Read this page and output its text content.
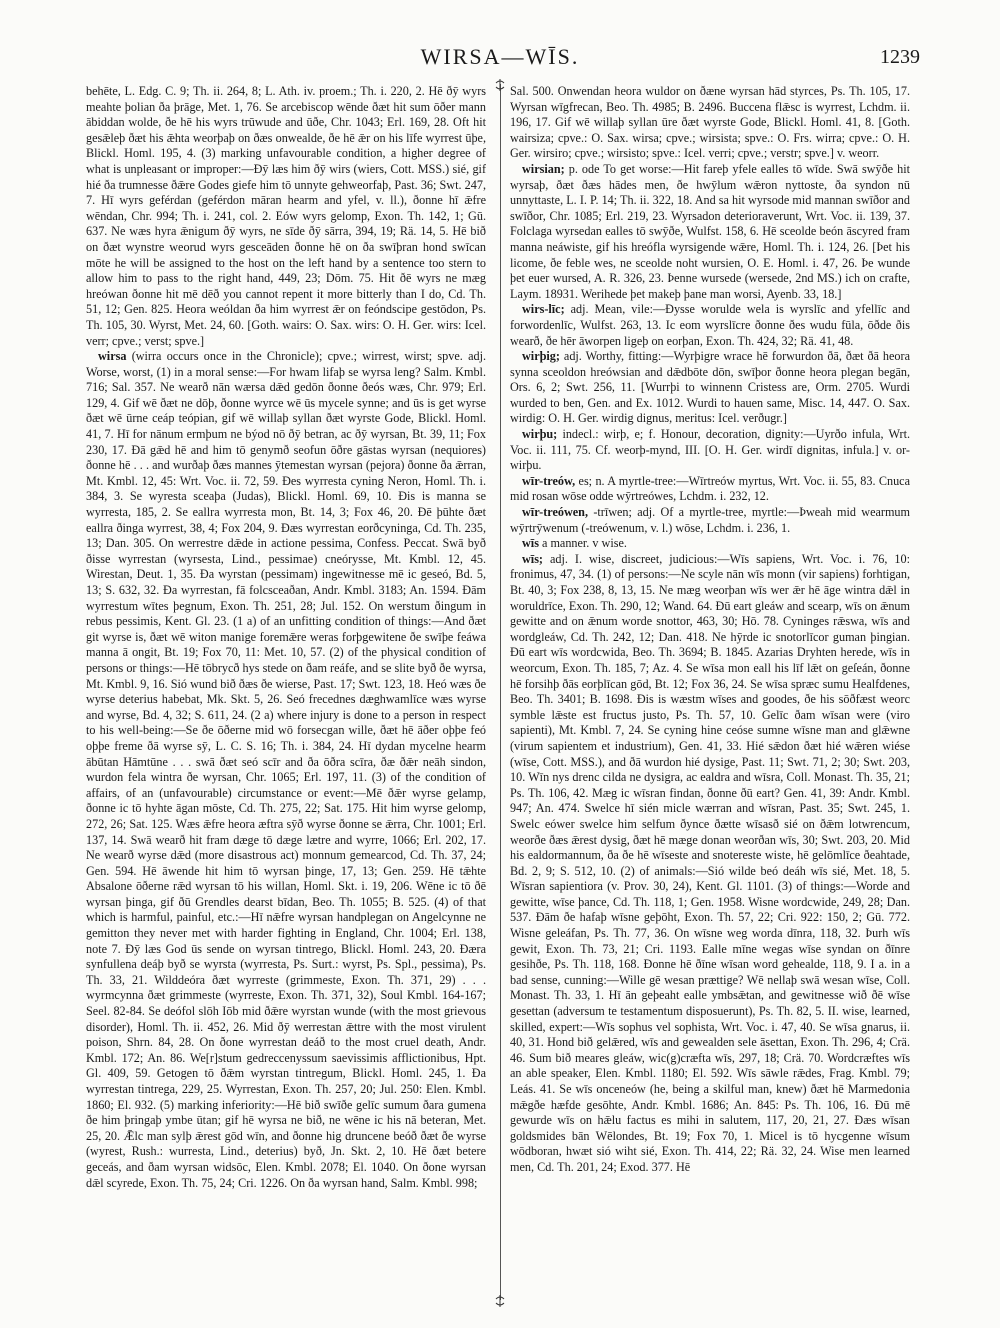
WIRSA—WĪS.	1239

behēte, L. Edg. C. 9; Th. ii. 264, 8; L. Ath. iv. proem.; Th. i. 220, 2. Hē ðȳ wyrs meahte þolian ða þrāge, Met. 1, 76. Se arcebiscop wēnde ðæt hit sum ōðer mann ābiddan wolde, ðe hē his wyrs trūwude and ūðe, Chr. 1043; Erl. 169, 28. Oft hit gesǣleþ ðæt his ǣhta weorþaþ on ðæs onwealde, ðe hē ǣr on his līfe wyrrest ūþe, Blickl. Homl. 195, 4. (3) marking unfavourable condition, a higher degree of what is unpleasant or improper:—Ðȳ læs him ðȳ wirs (wiers, Cott. MSS.) sié, gif hié ða trumnesse ðǣre Godes giefe him tō unnyte gehweorfaþ, Past. 36; Swt. 247, 7. Hī wyrs geférdan (geférdon māran hearm and yfel, v. ll.), ðonne hī ǣfre wēndan, Chr. 994; Th. i. 241, col. 2. Eów wyrs gelomp, Exon. Th. 142, 1; Gū. 637. Ne wæs hyra ǣnigum ðȳ wyrs, ne sīde ðȳ sārra, 394, 19; Rä. 14, 5. Hē bið on ðæt wynstre weorud wyrs gesceāden ðonne hē on ða swīþran hond swīcan mōte he will be assigned to the host on the left hand by a sentence too stern to allow him to pass to the right hand, 449, 23; Dōm. 75. Hit ðē wyrs ne mæg hreówan ðonne hit mē dēð you cannot repent it more bitterly than I do, Cd. Th. 51, 12; Gen. 825. Heora weóldan ða him wyrrest ǣr on feóndscipe gestōdon, Ps. Th. 105, 30. Wyrst, Met. 24, 60. [Goth. wairs: O. Sax. wirs: O. H. Ger. wirs: Icel. verr; cpve.; verst; spve.]

wirsa (wirra occurs once in the Chronicle); cpve.; wirrest, wirst; spve. adj. Worse, worst, (1) in a moral sense:—For hwam lifaþ se wyrsa leng? Salm. Kmbl. 716; Sal. 357. Ne wearð nān wærsa dǣd gedōn ðonne ðeós wæs, Chr. 979; Erl. 129, 4. Gif wē ðæt ne dōþ, ðonne wyrce wē ūs mycele synne; and ūs is get wyrse ðæt wē ūrne ceáp teópian, gif wē willaþ syllan ðæt wyrste Gode, Blickl. Homl. 41, 7. Hī for nānum ermþum ne býod nō ðȳ betran, ac ðȳ wyrsan, Bt. 39, 11; Fox 230, 17. Ðā gǣd hē and him tō genymð seofun ōðre gāstas wyrsan (nequiores) ðonne hē . . . and wurðaþ ðæs mannes ȳtemestan wyrsan (pejora) ðonne ða ǣrran, Mt. Kmbl. 12, 45: Wrt. Voc. ii. 72, 59. Ðes wyrresta cyning Neron, Homl. Th. i. 384, 3. Se wyresta sceaþa (Judas), Blickl. Homl. 69, 10. Ðis is manna se wyrresta, 185, 2. Se eallra wyrresta mon, Bt. 14, 3; Fox 46, 20. Ðē þūhte ðæt eallra ðinga wyrrest, 38, 4; Fox 204, 9. Ðæs wyrrestan eorðcyninga, Cd. Th. 235, 13; Dan. 305. On werrestre dǣde in actione pessima, Confess. Peccat. Swā byð ðisse wyrrestan (wyrsesta, Lind., pessimae) cneórysse, Mt. Kmbl. 12, 45. Wirestan, Deut. 1, 35. Ða wyrstan (pessimam) ingewitnesse mē ic geseó, Bd. 5, 13; S. 632, 32. Ða wyrrestan, fā folcsceaðan, Andr. Kmbl. 3183; An. 1594. Ðām wyrrestum wītes þegnum, Exon. Th. 251, 28; Jul. 152. On werstum ðingum in rebus pessimis, Kent. Gl. 23. (1 a) of an unfitting condition of things:—And ðæt git wyrse is, ðæt wē witon manige foremǣre weras forþgewitene ðe swīþe feáwa manna ā ongit, Bt. 19; Fox 70, 11: Met. 10, 57. (2) of the physical condition of persons or things:—Hē tōbrycð hys stede on ðam reáfe, and se slite byð ðe wyrsa, Mt. Kmbl. 9, 16. Sió wund bið ðæs ðe wierse, Past. 17; Swt. 123, 18. Heó wæs ðe wyrse deterius habebat, Mk. Skt. 5, 26. Seó frecednes dæghwamlīce wæs wyrse and wyrse, Bd. 4, 32; S. 611, 24. (2 a) where injury is done to a person in respect to his well-being:—Se ðe ōðerne mid wō forsecgan wille, ðæt hē āðer oþþe feó oþþe fremе ðā wyrse sȳ, L. C. S. 16; Th. i. 384, 24. Hī dydan mycelne hearm ābūtan Hāmtūne . . . swā ðæt seó scīr and ða ōðra scīra, ðæ ðǣr neāh sindon, wurdon fela wintra ðe wyrsan, Chr. 1065; Erl. 197, 11. (3) of the condition of affairs, of an (unfavourable) circumstance or event:—Mē ðǣr wyrse gelamp, ðonne ic tō hyhte āgan mōste, Cd. Th. 275, 22; Sat. 175. Hit him wyrse gelomp, 272, 26; Sat. 125. Wæs ǣfre heora æftra sȳð wyrse ðonne se ǣrra, Chr. 1001; Erl. 137, 14. Swā wearð hit fram dæge tō dæge lætre and wyrre, 1066; Erl. 202, 17. Ne wearð wyrse dǣd (more disastrous act) monnum gemearcod, Cd. Th. 37, 24; Gen. 594. Hē āwende hit him tō wyrsan þinge, 17, 13; Gen. 259. Hē tǣhte Absalone ōðerne rǣd wyrsan tō his willan, Homl. Skt. i. 19, 206. Wēne ic tō ðē wyrsan þinga, gif ðū Grendles dearst bīdan, Beo. Th. 1055; B. 525. (4) of that which is harmful, painful, etc.:—Hī nǣfre wyrsan handplegan on Angelcynne ne gemitton they never met with harder fighting in England, Chr. 1004; Erl. 138, note 7. Ðȳ læs God ūs sende on wyrsan tintrego, Blickl. Homl. 243, 20. Ðæra synfullena deáþ byð se wyrsta (wyrresta, Ps. Surt.: wyrst, Ps. Spl., pessima), Ps. Th. 33, 21. Wilddeóra ðæt wyrreste (grimmeste, Exon. Th. 371, 29) . . . wyrmcynna ðæt grimmeste (wyrreste, Exon. Th. 371, 32), Soul Kmbl. 164-167; Seel. 82-84. Se deófol slōh Iōb mid ðǣre wyrstan wunde (with the most grievous disorder), Homl. Th. ii. 452, 26. Mid ðȳ werrestan ǣttre with the most virulent poison, Shrn. 84, 28. On ðone wyrrestan deáð to the most cruel death, Andr. Kmbl. 172; An. 86. We[r]stum gedreccenyssum saevissimis afflictionibus, Hpt. Gl. 409, 59. Getogen tō ðǣm wyrstan tintregum, Blickl. Homl. 245, 1. Ða wyrrestan tintrega, 229, 25. Wyrrestan, Exon. Th. 257, 20; Jul. 250: Elen. Kmbl. 1860; El. 932. (5) marking inferiority:—Hē bið swīðe gelīc sumum ðara gumena ðe him þringaþ ymbe ūtan; gif hē wyrsa ne bið, ne wēne ic his nā beteran, Met. 25, 20. Ǣlc man sylþ ǣrest gōd wīn, and ðonne hig druncene beóð ðæt ðe wyrse (wyrest, Rush.: wurresta, Lind., deterius) byð, Jn. Skt. 2, 10. Hē ðæt betere geceás, and ðam wyrsan widsōc, Elen. Kmbl. 2078; El. 1040. On ðone wyrsan dǣl scyrede, Exon. Th. 75, 24; Cri. 1226. On ða wyrsan hand, Salm. Kmbl. 998;

Sal. 500. Onwendan heora wuldor on ðæne wyrsan hād styrces, Ps. Th. 105, 17. Wyrsan wīgfrecan, Beo. Th. 4985; B. 2496. Buccena flǣsc is wyrrest, Lchdm. ii. 196, 17. Gif wē willaþ syllan ūre ðæt wyrste Gode, Blickl. Homl. 41, 8. [Goth. wairsiza; cpve.: O. Sax. wirsa; cpve.; wirsista; spve.: O. Frs. wirra; cpve.: O. H. Ger. wirsiro; cpve.; wirsisto; spve.: Icel. verri; cpve.; verstr; spve.] v. weorr.

wirsian; p. ode To get worse:—Hit fareþ yfele ealles tō wīde. Swā swȳðe hit wyrsaþ, ðæt ðæs hādes men, ðe hwȳlum wǣron nyttoste, ða syndon nū unnyttaste, L. I. P. 14; Th. ii. 322, 18. And sa hit wyrsode mid mannan swīðor and swīðor, Chr. 1085; Erl. 219, 23. Wyrsadon deterioraverunt, Wrt. Voc. ii. 139, 37. Folclaga wyrsedan ealles tō swȳðe, Wulfst. 158, 6. Hē sceolde beón āscyred fram manna neáwiste, gif his hreófla wyrsigende wǣre, Homl. Th. i. 124, 26. [Þet his licome, ðe feble wes, ne sceolde noht wursien, O. E. Homl. i. 47, 26. Þe wunde þet euer wursed, A. R. 326, 23. Þenne wursede (wersede, 2nd MS.) ich on crafte, Laym. 18931. Werihede þet makeþ þane man worsi, Ayenb. 33, 18.]

wirs-līc; adj. Mean, vile:—Ðysse worulde wela is wyrslīc and yfellīc and forwordenlīc, Wulfst. 263, 13. Ic eom wyrslīcre ðonne ðes wudu fūla, ōðde ðis wearð, ðe hēr āworpen ligeþ on eorþan, Exon. Th. 424, 32; Rä. 41, 48.

wirþig; adj. Worthy, fitting:—Wyrþigre wrace hē forwurdon ðā, ðæt ðā heora synna sceoldon hreówsian and dǣdbōte dōn, swīþor ðonne heora plegan begān, Ors. 6, 2; Swt. 256, 11. [Wurrþi to winnenn Cristess are, Orm. 2705. Wurdi wurded to ben, Gen. and Ex. 1012. Wurdi to hauen same, Misc. 14, 447. O. Sax. wirdig: O. H. Ger. wirdig dignus, meritus: Icel. verðugr.]

wirþu; indecl.: wirþ, e; f. Honour, decoration, dignity:—Uyrðo infula, Wrt. Voc. ii. 111, 75. Cf. weorþ-mynd, III. [O. H. Ger. wirdī dignitas, infula.] v. or-wirþu.

wīr-treów, es; n. A myrtle-tree:—Wīrtreów myrtus, Wrt. Voc. ii. 55, 83. Cnuca mid rosan wōse odde wȳrtreówes, Lchdm. i. 232, 12.

wīr-treówen, -trīwen; adj. Of a myrtle-tree, myrtle:—Þweah mid wearmum wȳrtrȳwenum (-treówenum, v. l.) wōse, Lchdm. i. 236, 1.

wīs a manner. v wise.

wīs; adj. I. wise, discreet, judicious:—Wīs sapiens, Wrt. Voc. i. 76, 10: fronimus, 47, 34. (1) of persons:—Ne scyle nān wīs monn (vir sapiens) forhtigan, Bt. 40, 3; Fox 238, 8, 13, 15. Ne mæg weorþan wīs wer ǣr hē āge wintra dǣl in woruldrīce, Exon. Th. 290, 12; Wand. 64. Ðū eart gleáw and scearp, wīs on ǣnum gewitte and on ǣnum worde snottor, 463, 30; Hō. 78. Cyninges rǣswa, wīs and wordgleáw, Cd. Th. 242, 12; Dan. 418. Ne hȳrde ic snotorlīcor guman þingian. Ðū eart wīs wordcwida, Beo. Th. 3694; B. 1845. Azarias Dryhten herede, wīs in weorcum, Exon. Th. 185, 7; Az. 4. Se wīsa mon eall his līf lǣt on geſeán, ðonne hē forsihþ ðās eorþlīcan gōd, Bt. 12; Fox 36, 24. Se wīsa spræc sumu Healfdenes, Beo. Th. 3401; B. 1698. Ðis is wæstm wīses and goodes, ðe his sōðfæst weorc symble lǣste est fructus justo, Ps. Th. 57, 10. Gelīc ðam wīsan were (viro sapienti), Mt. Kmbl. 7, 24. Se cyning hine ceóse sumne wīsne man and glǣwne (virum sapientem et industrium), Gen. 41, 33. Hié sǣdon ðæt hié wǣren wiése (wīse, Cott. MSS.), and ðā wurdon hié dysige, Past. 11; Swt. 71, 2; 30; Swt. 203, 10. Wīn nys drenc cilda ne dysigra, ac ealdra and wīsra, Coll. Monast. Th. 35, 21; Ps. Th. 106, 42. Mæg ic wīsran findan, ðonne ðū eart? Gen. 41, 39: Andr. Kmbl. 947; An. 474. Swelce hī sién micle wærran and wīsran, Past. 35; Swt. 245, 1. Swelc eówer swelce him selfum ðynce ðætte wīsasð sié on ðǣm lotwrencum, weorðe ðæs ǣrest dysig, ðæt hē mæge donan weorðan wīs, 30; Swt. 203, 20. Mid his ealdormannum, ða ðe hē wīseste and snotereste wiste, hē gelōmlīce ðeahtade, Bd. 2, 9; S. 512, 10. (2) of animals:—Sió wilde beó deáh wīs sié, Met. 18, 5. Wīsran sapientiora (v. Prov. 30, 24), Kent. Gl. 1101. (3) of things:—Worde and gewitte, wīse þance, Cd. Th. 118, 1; Gen. 1958. Wisne wordcwide, 249, 28; Dan. 537. Ðām ðe hafaþ wīsne geþōht, Exon. Th. 57, 22; Cri. 922: 150, 2; Gū. 772. Wisne geleáfan, Ps. Th. 77, 36. On wīsne weg worda dīnra, 118, 32. Þurh wīs gewit, Exon. Th. 73, 21; Cri. 1193. Ealle mīne wegas wīse syndan on ðīnre gesihðe, Ps. Th. 118, 168. Ðonne hē ðīne wīsan word gehealde, 118, 9. I a. in a bad sense, cunning:—Wille gē wesan prættige? Wē nellaþ swā wesan wīse, Coll. Monast. Th. 33, 1. Hī ān geþeaht ealle ymbsǣtan, and gewitnesse wið ðē wīse gesettan (adversum te testamentum disposuerunt), Ps. Th. 82, 5. II. wise, learned, skilled, expert:—Wīs sophus vel sophista, Wrt. Voc. i. 47, 40. Se wīsa gnarus, ii. 40, 31. Hond bið gelǣred, wīs and gewealden sele āsettan, Exon. Th. 296, 4; Crä. 46. Sum bið meares gleáw, wic(g)cræfta wīs, 297, 18; Crä. 70. Wordcræftes wīs an able speaker, Elen. Kmbl. 1180; El. 592. Wīs sāwle rǣdes, Frag. Kmbl. 79; Leás. 41. Se wīs onceneów (he, being a skilful man, knew) ðæt hē Marmedonia mǣgðe hæfde gesōhte, Andr. Kmbl. 1686; An. 845: Ps. Th. 106, 16. Ðū mē gewurde wīs on hǣlu factus es mihi in salutem, 117, 20, 21, 27. Ðæs wīsan goldsmides bān Wēlondes, Bt. 19; Fox 70, 1. Micel is tō hycgenne wīsum wōdboran, hwæt sió wiht sié, Exon. Th. 414, 22; Rä. 32, 24. Wise men learned men, Cd. Th. 201, 24; Exod. 377. Hē
